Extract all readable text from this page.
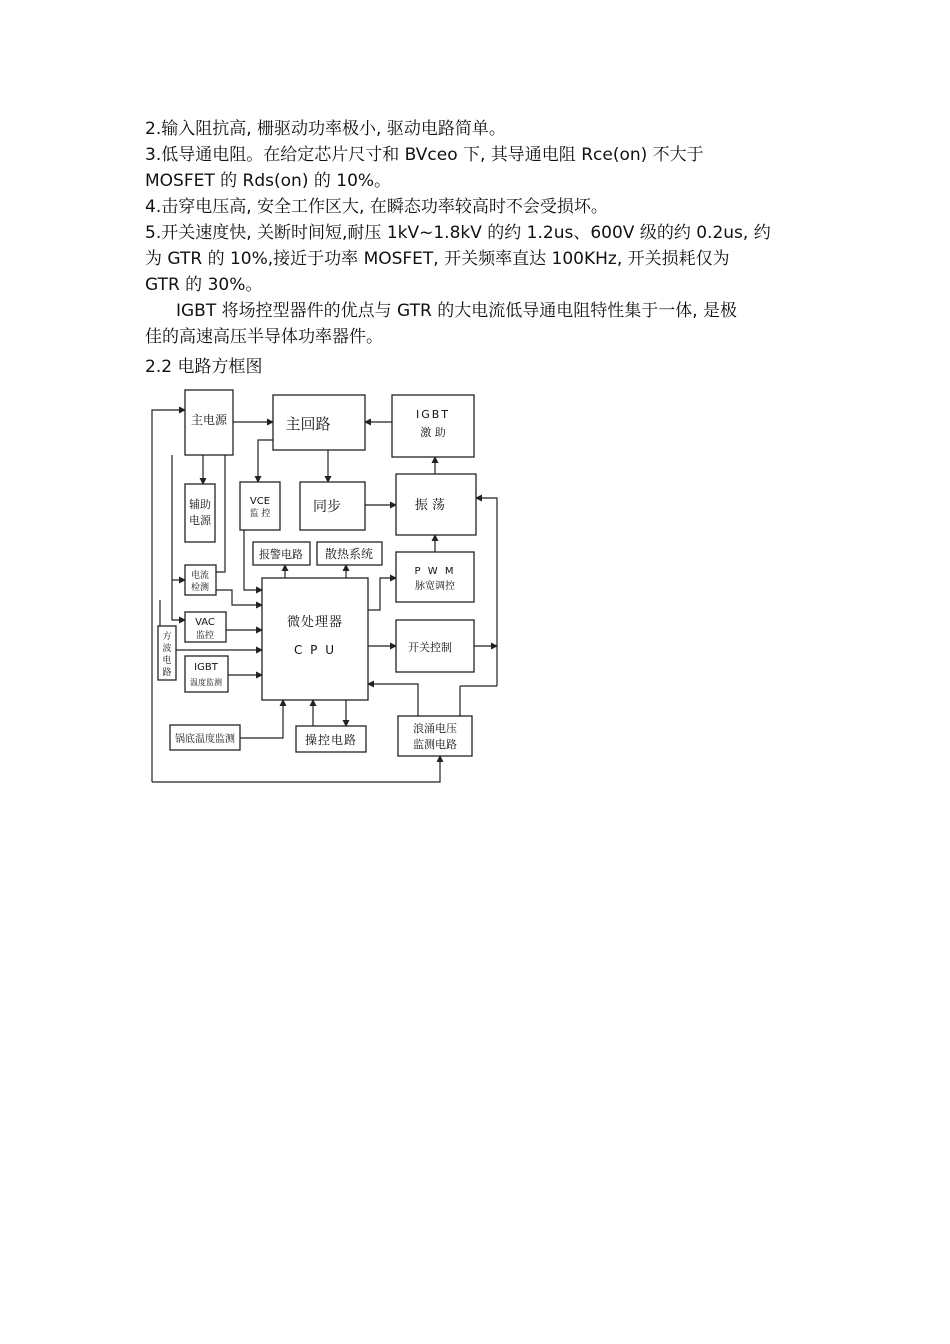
2.输入阻抗高, 栅驱动功率极小, 驱动电路简单。

3.低导通电阻。在给定芯片尺寸和 BVceo 下, 其导通电阻 Rce(on) 不大于

MOSFET 的 Rds(on) 的 10%。

4.击穿电压高, 安全工作区大, 在瞬态功率较高时不会受损坏。

5.开关速度快, 关断时间短,耐压 1kV~1.8kV 的约 1.2us、600V 级的约 0.2us, 约

为 GTR 的 10%,接近于功率 MOSFET, 开关频率直达 100KHz, 开关损耗仅为

GTR 的 30%。

IGBT 将场控型器件的优点与 GTR 的大电流低导通电阻特性集于一体, 是极

佳的高速高压半导体功率器件。

2.2 电路方框图

主电源	主回路
IGBT
激 助
辅助
电源
VCE
监 控	同步	振 荡
报警电路 散热系统
P W M
脉宽调控
电流
检测
微处理器
C P U
VAC
监控
开关控制
方
波
电
路 IGBT
温度监测
锅底温度监测	操控电路
浪涌电压
监测电路
